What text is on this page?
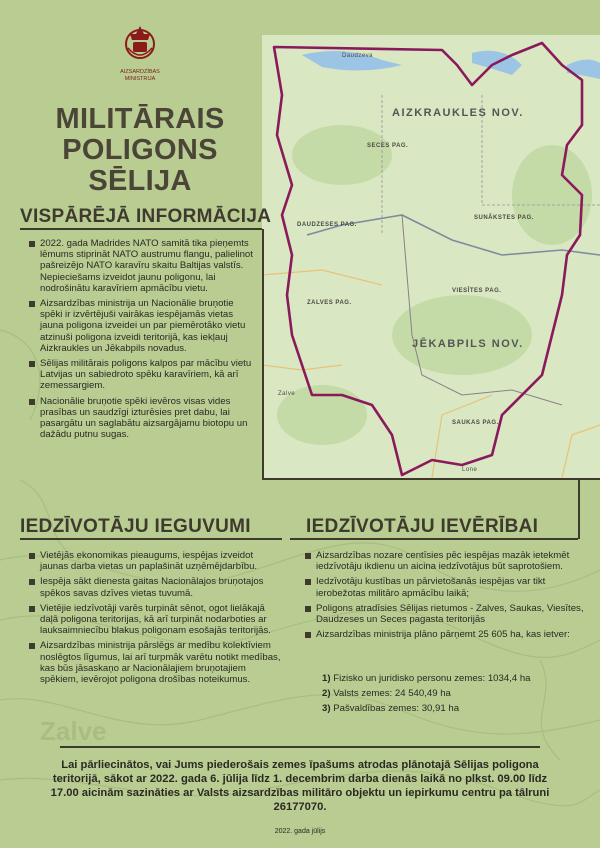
Zalve
AIZSARDZĪBAS
MINISTRIJA
MILITĀRAIS
POLIGONS
SĒLIJA
AIZKRAUKLES NOV.
SECES PAG.
SUNĀKSTES PAG.
DAUDZESES PAG.
ZALVES PAG.
VIESĪTES PAG.
JĒKABPILS NOV.
SAUKAS PAG.
Daudzeva
Zalve
Lone
VISPĀRĒJĀ INFORMĀCIJA
2022. gada Madrides NATO samitā tika pieņemts lēmums stiprināt NATO austrumu flangu, palielinot pašreizējo NATO karavīru skaitu Baltijas valstīs. Nepieciešams izveidot jaunu poligonu, lai nodrošinātu karavīriem apmācību vietu.
Aizsardzības ministrija un Nacionālie bruņotie spēki ir izvērtējuši vairākas iespējamās vietas jauna poligona izveidei un par piemērotāko vietu atzinuši poligona izveidi teritorijā, kas iekļauj Aizkraukles un Jēkabpils novadus.
Sēlijas militārais poligons kalpos par mācību vietu Latvijas un sabiedroto spēku karavīriem, kā arī zemessargiem.
Nacionālie bruņotie spēki ievēros visas vides prasības un saudzīgi izturēsies pret dabu, lai pasargātu un saglabātu aizsargājamu biotopu un dažādu putnu sugas.
IEDZĪVOTĀJU IEGUVUMI
Vietējās ekonomikas pieaugums, iespējas izveidot jaunas darba vietas un paplašināt uzņēmējdarbību.
Iespēja sākt dienesta gaitas Nacionālajos bruņotajos spēkos savas dzīves vietas tuvumā.
Vietējie iedzīvotāji varēs turpināt sēnot, ogot lielākajā daļā poligona teritorijas, kā arī turpināt nodarboties ar lauksaimniecību blakus poligonam esošajās teritorijās.
Aizsardzības ministrija pārslēgs ar medību kolektīviem noslēgtos līgumus, lai arī turpmāk varētu notikt medības, kas būs jāsaskaņo ar Nacionālajiem bruņotajiem spēkiem, ievērojot poligona drošības noteikumus.
IEDZĪVOTĀJU IEVĒRĪBAI
Aizsardzības nozare centīsies pēc iespējas mazāk ietekmēt iedzīvotāju ikdienu un aicina iedzīvotājus būt saprotošiem.
Iedzīvotāju kustības un pārvietošanās iespējas var tikt ierobežotas militāro apmācību laikā;
Poligons atradīsies Sēlijas rietumos - Zalves, Saukas, Viesītes, Daudzeses un Seces pagasta teritorijās
Aizsardzības ministrija plāno pārņemt 25 605 ha, kas ietver:
1) Fizisko un juridisko personu zemes: 1034,4 ha
2) Valsts zemes: 24 540,49 ha
3) Pašvaldības zemes: 30,91 ha
Lai pārliecinātos, vai Jums piederošais zemes īpašums atrodas plānotajā Sēlijas poligona teritorijā, sākot ar 2022. gada 6. jūlija līdz 1. decembrim darba dienās laikā no plkst. 09.00 līdz 17.00 aicinām sazināties ar Valsts aizsardzības militāro objektu un iepirkumu centru pa tālruni 26177070.
2022. gada jūlijs
